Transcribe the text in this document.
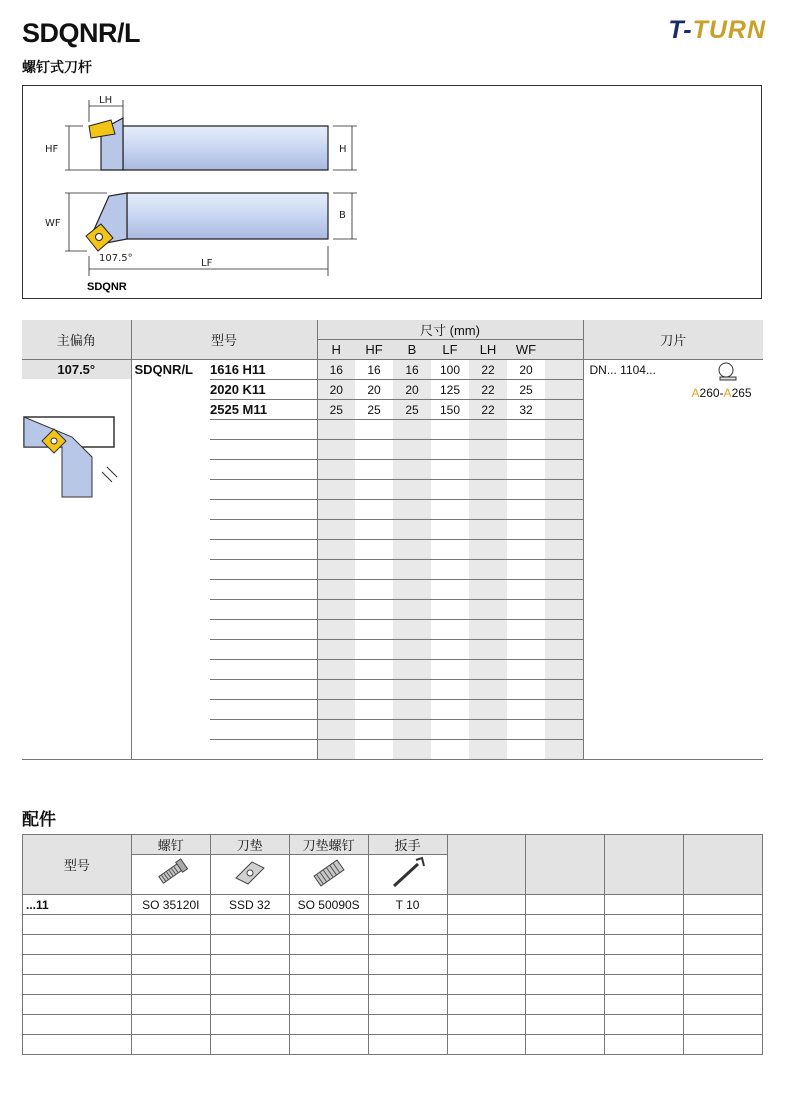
SDQNR/L
螺钉式刀杆
T-TURN
LH
HF	H
WF
B
107.5°	LF
SDQNR
主偏角	型号		尺寸 (mm)							刀片
			H	HF	B	LF	LH	WF		

107.5°	SDQNR/L	1616 H11	16	16	16	100	22	20		DN... 1104...
A260-A265

		2020 K11	20	20	20	125	22	25		
		2525 M11	25	25	25	150	22	32		

配件
型号	螺钉	刀垫	刀垫螺钉	扳手				

...11	SO 35120I	SSD 32	SO 50090S	T 10				
